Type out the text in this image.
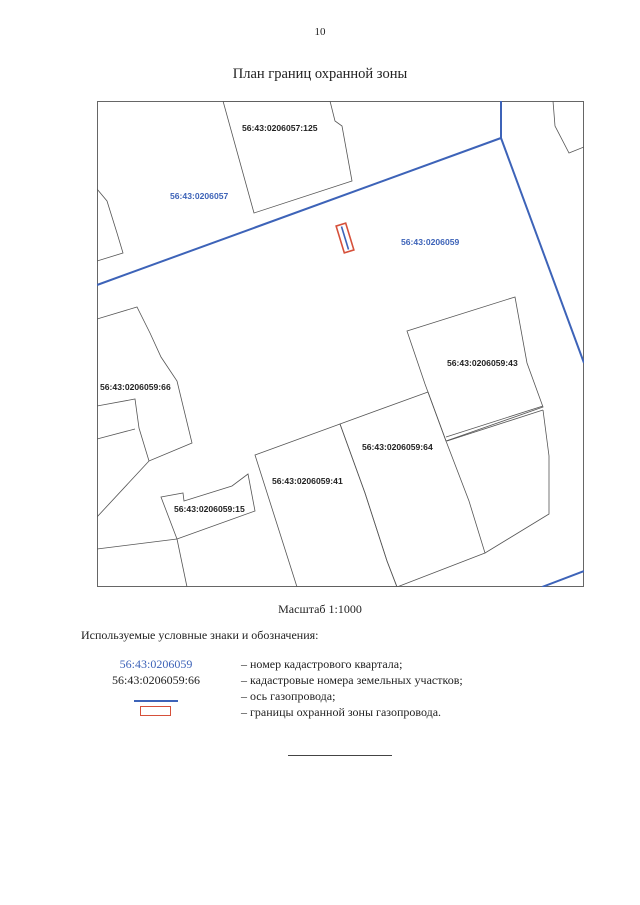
10
План границ охранной зоны
56:43:0206057:125
56:43:0206057
56:43:0206059
56:43:0206059:43
56:43:0206059:66
56:43:0206059:64
56:43:0206059:41
56:43:0206059:15
Масштаб 1:1000
Используемые условные знаки и обозначения:
56:43:0206059
56:43:0206059:66
– номер кадастрового квартала;
– кадастровые номера земельных участков;
– ось газопровода;
– границы охранной зоны газопровода.
